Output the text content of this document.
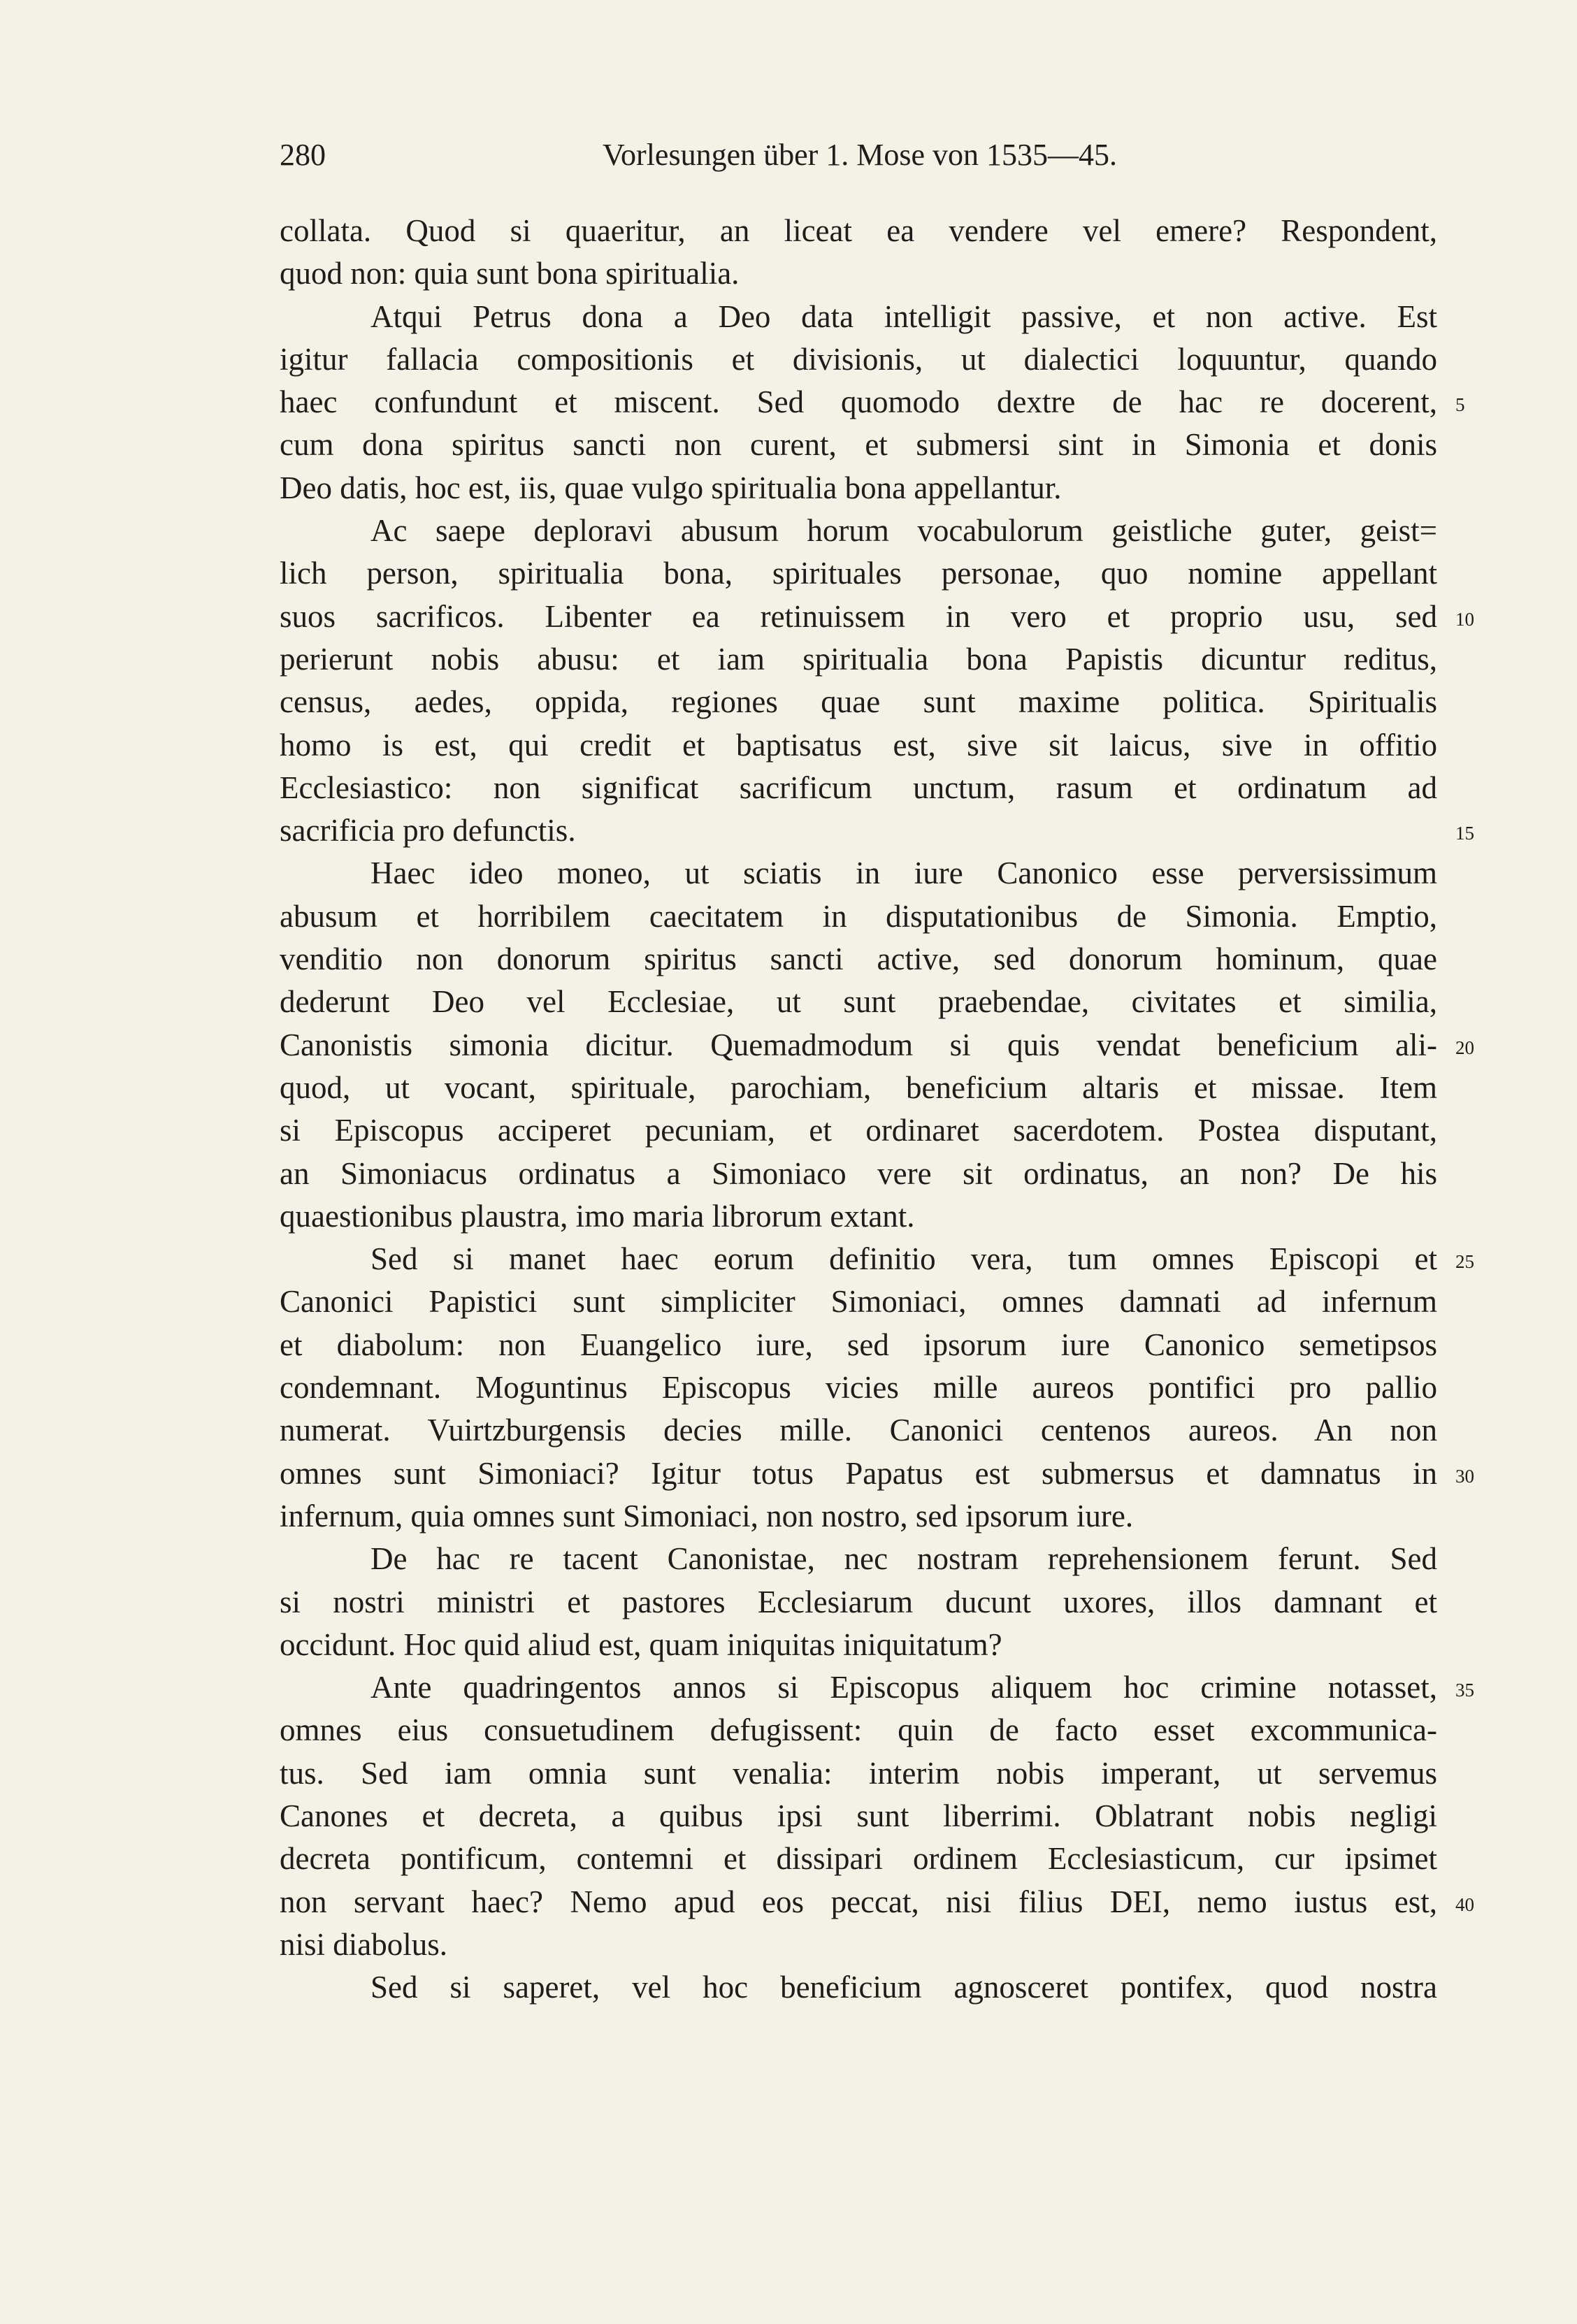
280	Vorlesungen über 1. Mose von 1535—45.
collata. Quod si quaeritur, an liceat ea vendere vel emere? Respondent,
quod non: quia sunt bona spiritualia.
Atqui Petrus dona a Deo data intelligit passive, et non active. Est
igitur fallacia compositionis et divisionis, ut dialectici loquuntur, quando
haec confundunt et miscent. Sed quomodo dextre de hac re docerent, 5
cum dona spiritus sancti non curent, et submersi sint in Simonia et donis
Deo datis, hoc est, iis, quae vulgo spiritualia bona appellantur.
Ac saepe deploravi abusum horum vocabulorum geistliche guter, geist=
lich person, spiritualia bona, spirituales personae, quo nomine appellant
suos sacrificos. Libenter ea retinuissem in vero et proprio usu, sed 10
perierunt nobis abusu: et iam spiritualia bona Papistis dicuntur reditus,
census, aedes, oppida, regiones quae sunt maxime politica. Spiritualis
homo is est, qui credit et baptisatus est, sive sit laicus, sive in offitio
Ecclesiastico: non significat sacrificum unctum, rasum et ordinatum ad
sacrificia pro defunctis.	15
Haec ideo moneo, ut sciatis in iure Canonico esse perversissimum
abusum et horribilem caecitatem in disputationibus de Simonia. Emptio,
venditio non donorum spiritus sancti active, sed donorum hominum, quae
dederunt Deo vel Ecclesiae, ut sunt praebendae, civitates et similia,
Canonistis simonia dicitur. Quemadmodum si quis vendat beneficium ali- 20
quod, ut vocant, spirituale, parochiam, beneficium altaris et missae. Item
si Episcopus acciperet pecuniam, et ordinaret sacerdotem. Postea disputant,
an Simoniacus ordinatus a Simoniaco vere sit ordinatus, an non? De his
quaestionibus plaustra, imo maria librorum extant.
Sed si manet haec eorum definitio vera, tum omnes Episcopi et 25
Canonici Papistici sunt simpliciter Simoniaci, omnes damnati ad infernum
et diabolum: non Euangelico iure, sed ipsorum iure Canonico semetipsos
condemnant. Moguntinus Episcopus vicies mille aureos pontifici pro pallio
numerat. Vuirtzburgensis decies mille. Canonici centenos aureos. An non
omnes sunt Simoniaci? Igitur totus Papatus est submersus et damnatus in 30
infernum, quia omnes sunt Simoniaci, non nostro, sed ipsorum iure.
De hac re tacent Canonistae, nec nostram reprehensionem ferunt. Sed
si nostri ministri et pastores Ecclesiarum ducunt uxores, illos damnant et
occidunt. Hoc quid aliud est, quam iniquitas iniquitatum?
Ante quadringentos annos si Episcopus aliquem hoc crimine notasset, 35
omnes eius consuetudinem defugissent: quin de facto esset excommunica-
tus. Sed iam omnia sunt venalia: interim nobis imperant, ut servemus
Canones et decreta, a quibus ipsi sunt liberrimi. Oblatrant nobis negligi
decreta pontificum, contemni et dissipari ordinem Ecclesiasticum, cur ipsimet
non servant haec? Nemo apud eos peccat, nisi filius DEI, nemo iustus est, 40
nisi diabolus.
Sed si saperet, vel hoc beneficium agnosceret pontifex, quod nostra
